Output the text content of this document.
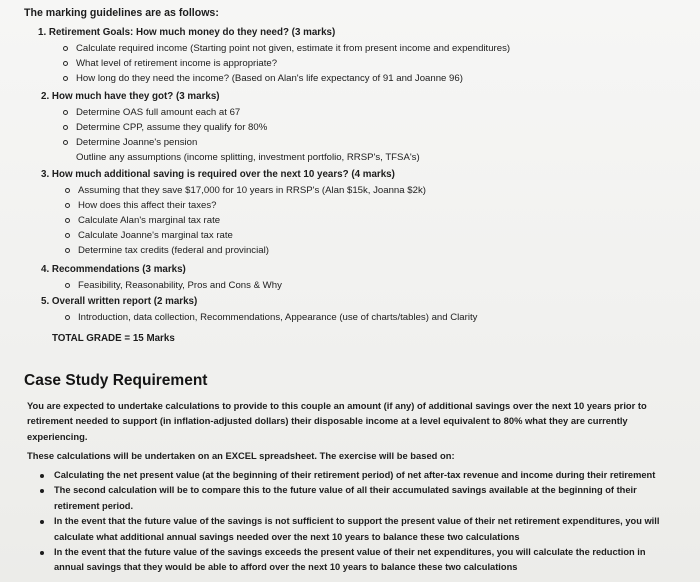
The marking guidelines are as follows:
1. Retirement Goals: How much money do they need? (3 marks)
Calculate required income (Starting point not given, estimate it from present income and expenditures)
What level of retirement income is appropriate?
How long do they need the income? (Based on Alan's life expectancy of 91 and Joanne 96)
2. How much have they got? (3 marks)
Determine OAS full amount each at 67
Determine CPP, assume they qualify for 80%
Determine Joanne's pension
Outline any assumptions (income splitting, investment portfolio, RRSP's, TFSA's)
3. How much additional saving is required over the next 10 years? (4 marks)
Assuming that they save $17,000 for 10 years in RRSP's (Alan $15k, Joanna $2k)
How does this affect their taxes?
Calculate Alan's marginal tax rate
Calculate Joanne's marginal tax rate
Determine tax credits (federal and provincial)
4. Recommendations (3 marks)
Feasibility, Reasonability, Pros and Cons & Why
5. Overall written report (2 marks)
Introduction, data collection, Recommendations, Appearance (use of charts/tables) and Clarity
TOTAL GRADE = 15 Marks
Case Study Requirement
You are expected to undertake calculations to provide to this couple an amount (if any) of additional savings over the next 10 years prior to retirement needed to support (in inflation-adjusted dollars) their disposable income at a level equivalent to 80% what they are currently experiencing.
These calculations will be undertaken on an EXCEL spreadsheet. The exercise will be based on:
Calculating the net present value (at the beginning of their retirement period) of net after-tax revenue and income during their retirement
The second calculation will be to compare this to the future value of all their accumulated savings available at the beginning of their retirement period.
In the event that the future value of the savings is not sufficient to support the present value of their net retirement expenditures, you will calculate what additional annual savings needed over the next 10 years to balance these two calculations
In the event that the future value of the savings exceeds the present value of their net expenditures, you will calculate the reduction in annual savings that they would be able to afford over the next 10 years to balance these two calculations
